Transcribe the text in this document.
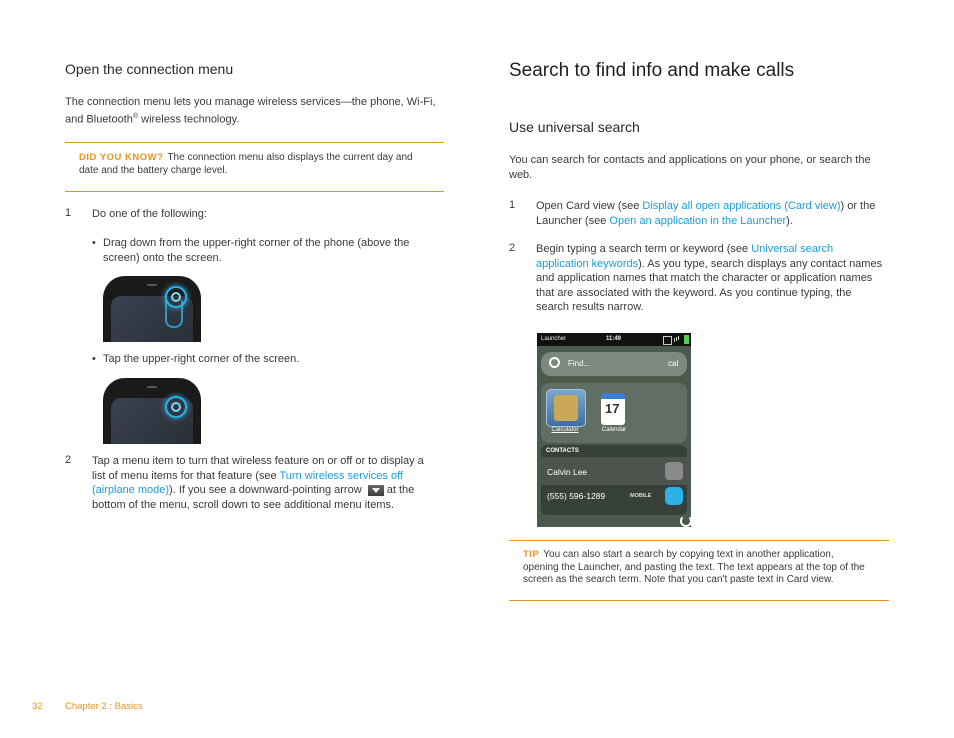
Open the connection menu
The connection menu lets you manage wireless services—the phone, Wi-Fi,
and Bluetooth® wireless technology.
DID YOU KNOW? The connection menu also displays the current day and
date and the battery charge level.
1 Do one of the following:
• Drag down from the upper-right corner of the phone (above the
screen) onto the screen.
• Tap the upper-right corner of the screen.
2 Tap a menu item to turn that wireless feature on or off or to display a
list of menu items for that feature (see Turn wireless services off
(airplane mode)). If you see a downward-pointing arrow at the
bottom of the menu, scroll down to see additional menu items.
Search to find info and make calls
Use universal search
You can search for contacts and applications on your phone, or search the
web.
1 Open Card view (see Display all open applications (Card view)) or the
Launcher (see Open an application in the Launcher).
2 Begin typing a search term or keyword (see Universal search
application keywords). As you type, search displays any contact names
and application names that match the character or application names
that are associated with the keyword. As you continue typing, the
search results narrow.
Launcher	11:49
Find...	cal
Calculator
17
Calendar
CONTACTS
Calvin Lee
(555) 596-1289	MOBILE
TIP You can also start a search by copying text in another application,
opening the Launcher, and pasting the text. The text appears at the top of the
screen as the search term. Note that you can't paste text in Card view.
32 Chapter 2 : Basics
